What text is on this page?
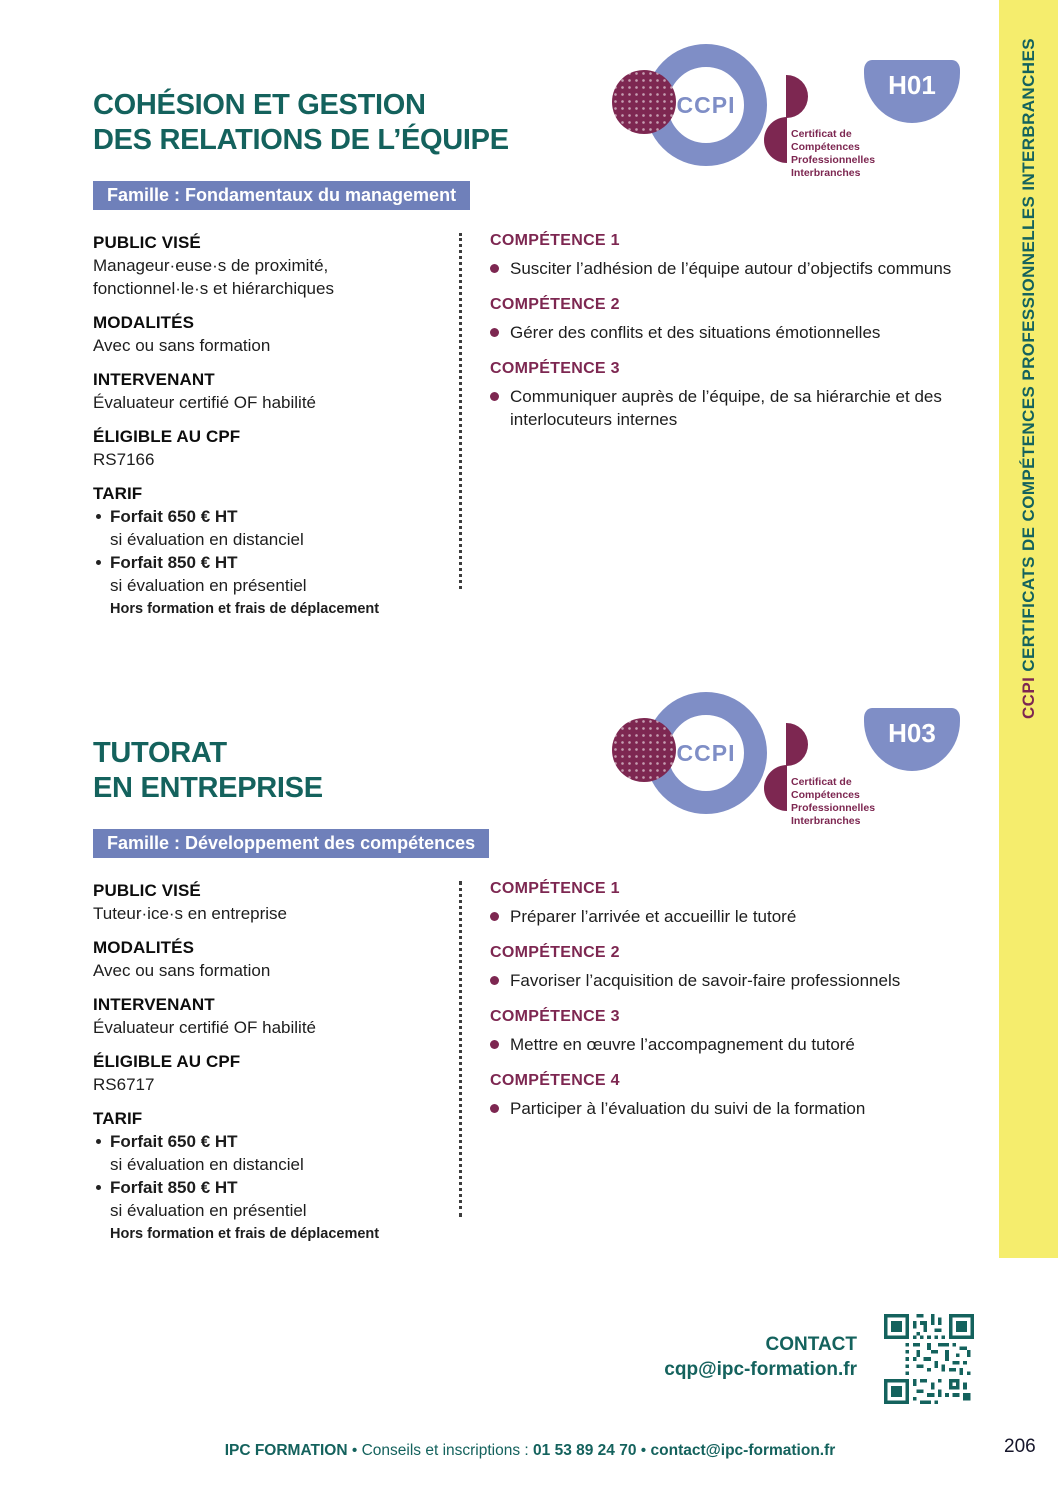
CCPI CERTIFICATS DE COMPÉTENCES PROFESSIONNELLES INTERBRANCHES
COHÉSION ET GESTION
DES RELATIONS DE L’ÉQUIPE
Famille : Fondamentaux du management
CCPI
Certificat de
Compétences
Professionnelles
Interbranches
H01
PUBLIC VISÉ
Manageur·euse·s de proximité,
fonctionnel·le·s et hiérarchiques
MODALITÉS
Avec ou sans formation
INTERVENANT
Évaluateur certifié OF habilité
ÉLIGIBLE AU CPF
RS7166
TARIF
Forfait 650 € HT
si évaluation en distanciel
Forfait 850 € HT
si évaluation en présentiel
Hors formation et frais de déplacement
COMPÉTENCE 1
Susciter l’adhésion de l’équipe autour d’objectifs communs
COMPÉTENCE 2
Gérer des conflits et des situations émotionnelles
COMPÉTENCE 3
Communiquer auprès de l’équipe, de sa hiérarchie et des interlocuteurs internes
TUTORAT
EN ENTREPRISE
Famille : Développement des compétences
CCPI
Certificat de
Compétences
Professionnelles
Interbranches
H03
PUBLIC VISÉ
Tuteur·ice·s en entreprise
MODALITÉS
Avec ou sans formation
INTERVENANT
Évaluateur certifié OF habilité
ÉLIGIBLE AU CPF
RS6717
TARIF
Forfait 650 € HT
si évaluation en distanciel
Forfait 850 € HT
si évaluation en présentiel
Hors formation et frais de déplacement
COMPÉTENCE 1
Préparer l’arrivée et accueillir le tutoré
COMPÉTENCE 2
Favoriser l’acquisition de savoir-faire professionnels
COMPÉTENCE 3
Mettre en œuvre l’accompagnement du tutoré
COMPÉTENCE 4
Participer à l’évaluation du suivi de la formation
CONTACT
cqp@ipc-formation.fr
IPC FORMATION • Conseils et inscriptions : 01 53 89 24 70 • contact@ipc-formation.fr	206
